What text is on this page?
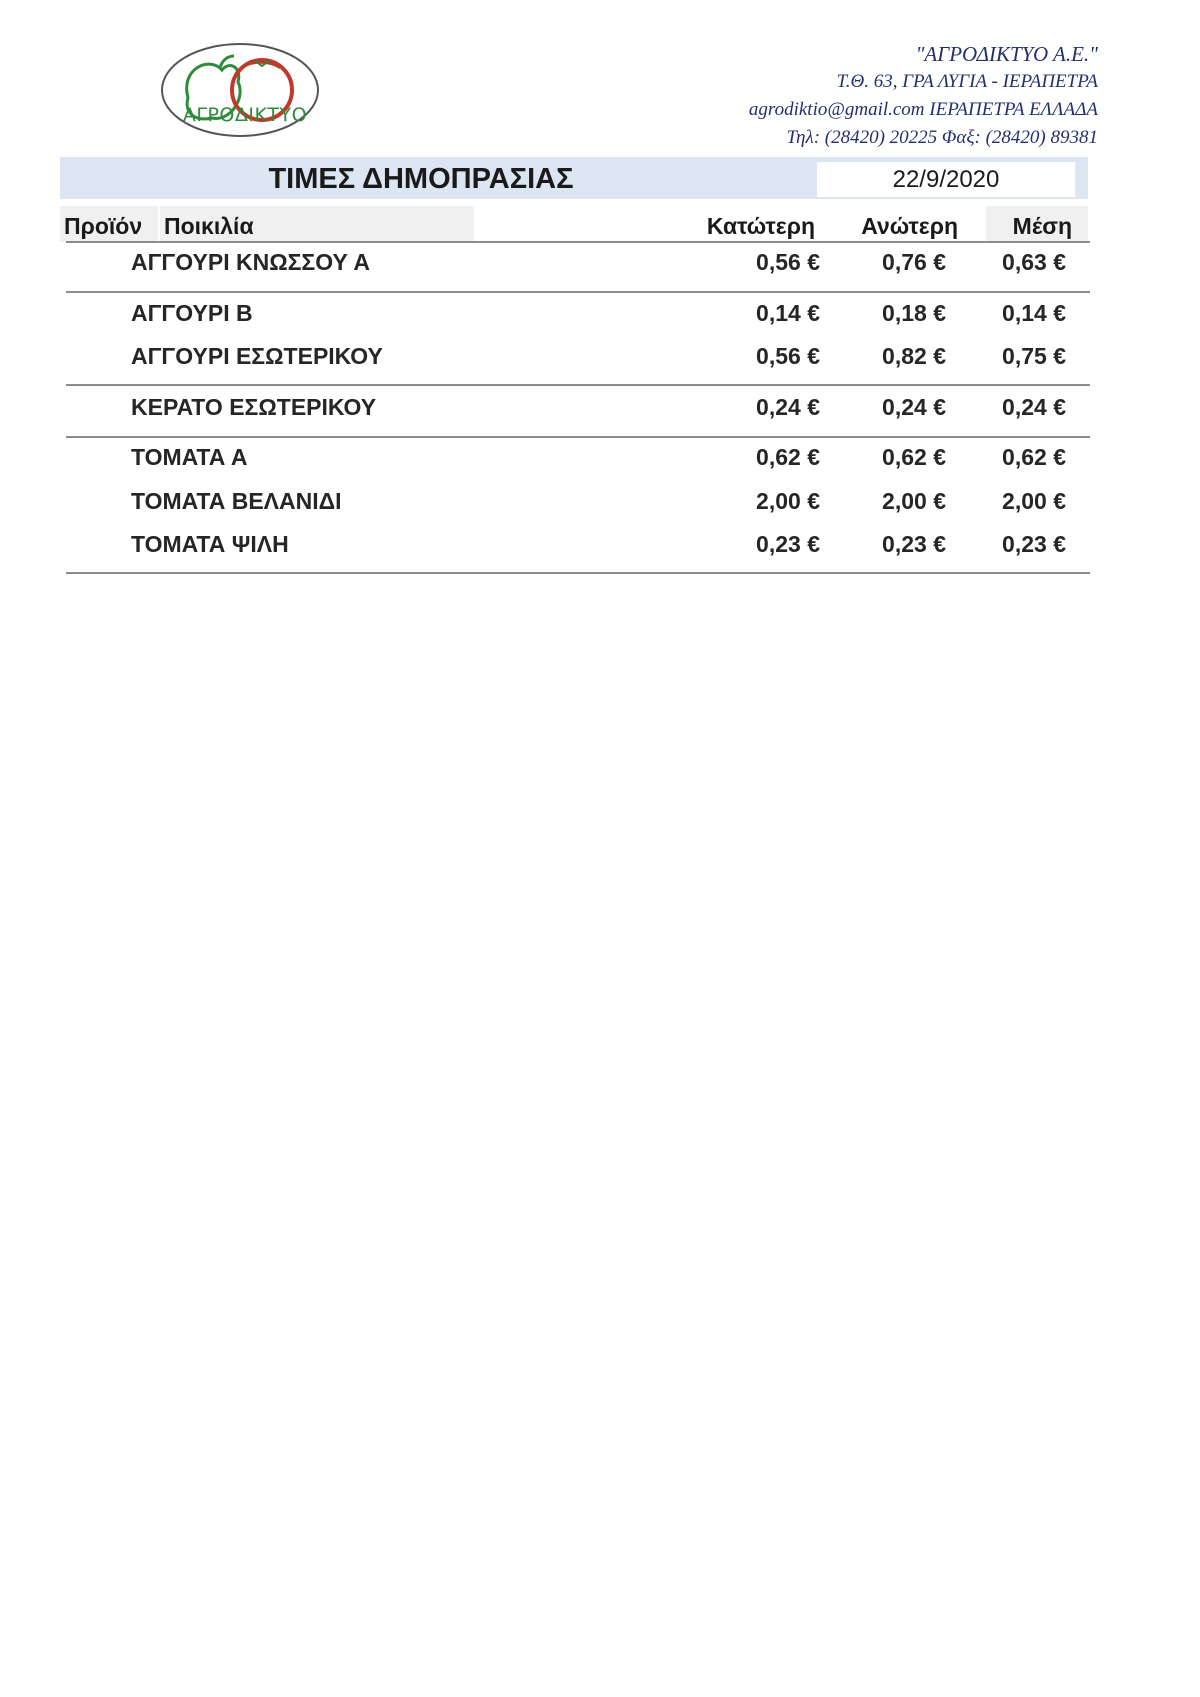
ΑΓΡΟΔΙΚΤΥΟ
"ΑΓΡΟΔΙΚΤΥΟ Α.Ε."
Τ.Θ. 63, ΓΡΑ ΛΥΓΙΑ - ΙΕΡΑΠΕΤΡΑ
agrodiktio@gmail.com ΙΕΡΑΠΕΤΡΑ ΕΛΛΑΔΑ
Τηλ: (28420) 20225 Φαξ: (28420) 89381
ΤΙΜΕΣ ΔΗΜΟΠΡΑΣΙΑΣ	22/9/2020
Προϊόν Ποικιλία	Κατώτερη	Ανώτερη	Μέση
ΑΓΓΟΥΡΙ ΚΝΩΣΣΟΥ Α	0,56 €	0,76 €	0,63 €
ΑΓΓΟΥΡΙ Β	0,14 €	0,18 €	0,14 €
ΑΓΓΟΥΡΙ ΕΣΩΤΕΡΙΚΟΥ	0,56 €	0,82 €	0,75 €
ΚΕΡΑΤΟ ΕΣΩΤΕΡΙΚΟΥ	0,24 €	0,24 €	0,24 €
ΤΟΜΑΤΑ Α	0,62 €	0,62 €	0,62 €
ΤΟΜΑΤΑ ΒΕΛΑΝΙΔΙ	2,00 €	2,00 €	2,00 €
ΤΟΜΑΤΑ ΨΙΛΗ	0,23 €	0,23 €	0,23 €
